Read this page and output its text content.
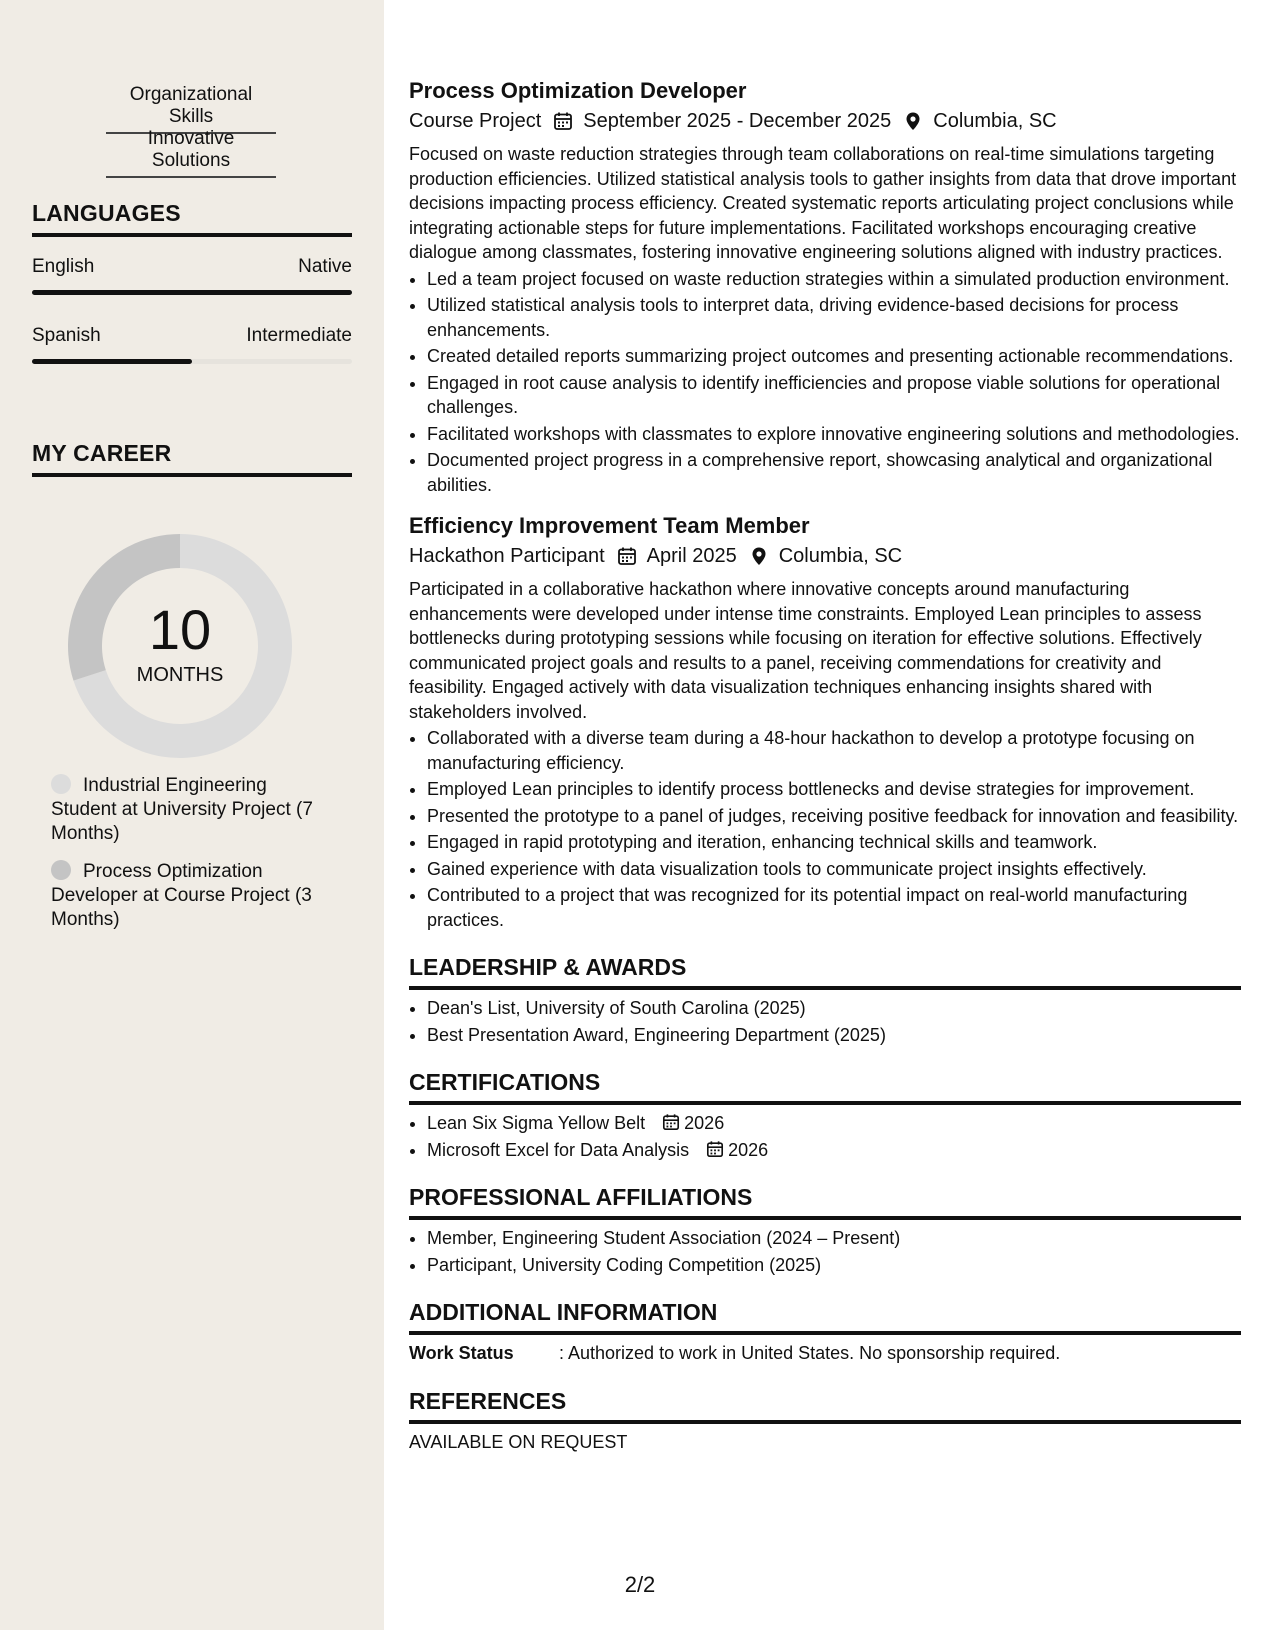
Organizational Skills
Innovative Solutions
LANGUAGES
English	Native
Spanish	Intermediate
MY CAREER
10
MONTHS
Industrial Engineering Student at University Project (7 Months)
Process Optimization Developer at Course Project (3 Months)
Process Optimization Developer
Course Project September 2025 - December 2025 Columbia, SC

Focused on waste reduction strategies through team collaborations on real-time simulations targeting production efficiencies. Utilized statistical analysis tools to gather insights from data that drove important decisions impacting process efficiency. Created systematic reports articulating project conclusions while integrating actionable steps for future implementations. Facilitated workshops encouraging creative dialogue among classmates, fostering innovative engineering solutions aligned with industry practices.

• Led a team project focused on waste reduction strategies within a simulated production environment.
• Utilized statistical analysis tools to interpret data, driving evidence-based decisions for process enhancements.
• Created detailed reports summarizing project outcomes and presenting actionable recommendations.
• Engaged in root cause analysis to identify inefficiencies and propose viable solutions for operational challenges.
• Facilitated workshops with classmates to explore innovative engineering solutions and methodologies.
• Documented project progress in a comprehensive report, showcasing analytical and organizational abilities.
Efficiency Improvement Team Member
Hackathon Participant April 2025 Columbia, SC

Participated in a collaborative hackathon where innovative concepts around manufacturing enhancements were developed under intense time constraints. Employed Lean principles to assess bottlenecks during prototyping sessions while focusing on iteration for effective solutions. Effectively communicated project goals and results to a panel, receiving commendations for creativity and feasibility. Engaged actively with data visualization techniques enhancing insights shared with stakeholders involved.

• Collaborated with a diverse team during a 48-hour hackathon to develop a prototype focusing on manufacturing efficiency.
• Employed Lean principles to identify process bottlenecks and devise strategies for improvement.
• Presented the prototype to a panel of judges, receiving positive feedback for innovation and feasibility.
• Engaged in rapid prototyping and iteration, enhancing technical skills and teamwork.
• Gained experience with data visualization tools to communicate project insights effectively.
• Contributed to a project that was recognized for its potential impact on real-world manufacturing practices.
LEADERSHIP & AWARDS
• Dean's List, University of South Carolina (2025)
• Best Presentation Award, Engineering Department (2025)
CERTIFICATIONS
• Lean Six Sigma Yellow Belt 2026
• Microsoft Excel for Data Analysis 2026
PROFESSIONAL AFFILIATIONS
• Member, Engineering Student Association (2024 – Present)
• Participant, University Coding Competition (2025)
ADDITIONAL INFORMATION
Work Status	: Authorized to work in United States. No sponsorship required.
REFERENCES
AVAILABLE ON REQUEST
2/2
